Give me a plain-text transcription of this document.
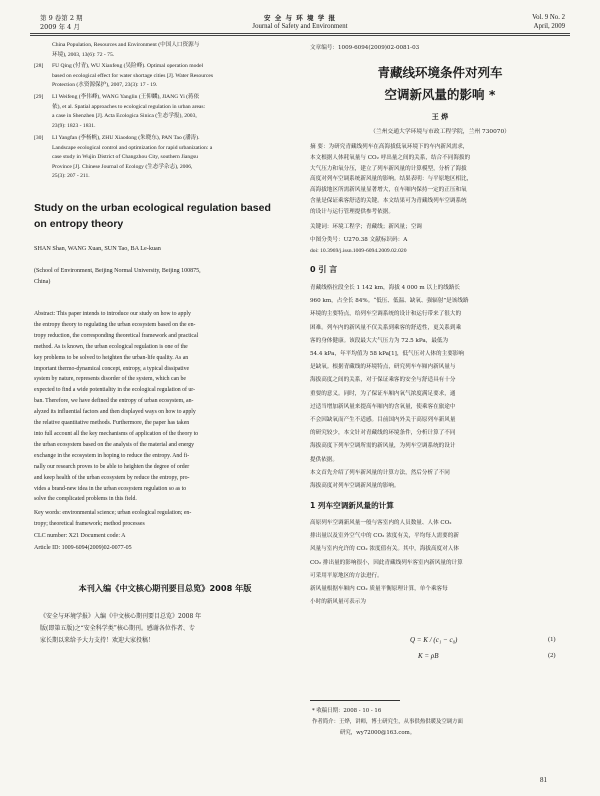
第 9 卷第 2 期
2009 年 4 月
安 全 与 环 境 学 报
Journal of Safety and Environment
Vol. 9 No. 2
April, 2009
China Population, Resources and Environment (中国人口资源与
环境), 2003, 13(6): 72 - 75.
[28] FU Qing (付青), WU Xianfeng (吴险峰). Optimal operation model
based on ecological effect for water shortage cities [J]. Water Resources
Protection (水资源保护), 2007, 23(3): 17 - 19.
[29] LI Weifeng (李伟峰), WANG Yanglin (王仰麟), JIANG Yi (蒋依
依), et al. Spatial approaches to ecological regulation in urban areas:
a case in Shenzhen [J]. Acta Ecologica Sinica (生态学报), 2003,
23(9): 1823 - 1831.
[30] LI Yangfan (李杨帆), ZHU Xiaodong (朱晓东), PAN Tao (潘涛).
Landscape ecological control and optimization for rapid urbanization: a
case study in Wujin District of Changzhou City, southern Jiangsu
Province [J]. Chinese Journal of Ecology (生态学杂志), 2006,
25(3): 207 - 211.
Study on the urban ecological regulation based
on entropy theory
SHAN Shan, WANG Xuan, SUN Tao, BA Le-kuan
(School of Environment, Beijing Normal University, Beijing 100875,
China)
Abstract: This paper intends to introduce our study on how to apply
the entropy theory to regulating the urban ecosystem based on the en-
tropy reduction, the corresponding theoretical framework and practical
method. As is known, the urban ecological regulation is one of the
key problems to be solved to heighten the urban-life quality. As an
important thermo-dynamical concept, entropy, a typical dissipative
system by nature, represents disorder of the system, which can be
expected to find a wide potentiality in the ecological regulation of ur-
ban. Therefore, we have defined the entropy of urban ecosystem, an-
alyzed its influential factors and then displayed ways on how to apply
the relative quantitative methods. Furthermore, the paper has taken
into full account all the key mechanisms of application of the theory to
the urban ecosystem based on the analysis of the material and energy
exchange in the ecosystem in hoping to reduce the entropy. And fi-
nally our research proves to be able to heighten the degree of order
and keep health of the urban ecosystem by reduce the entropy, pro-
vides a brand-new idea in the urban ecosystem regulation so as to
solve the complicated problems in this field.
Key words: environmental science; urban ecological regulation; en-
tropy; theoretical framework; method processes
CLC number: X21 Document code: A
Article ID: 1009-6094(2009)02-0077-05
本刊入编《中文核心期刊要目总览》2008 年版
《安全与环境学报》入编《中文核心期刊要目总览》2008 年
版(即第五版)之“安全科学类”核心期刊。感谢各位作者、专
家长期以来给予大力支持！欢迎大家投稿！
文章编号：1009-6094(2009)02-0081-03
青藏线环境条件对列车
空调新风量的影响 *
王 烨
（兰州交通大学环境与市政工程学院，兰州 730070）
摘 要：为研究青藏线列车在高海拔低氧环境下的车内新风需求，
本文根据人体耗氧量与 CO₂ 呼出量之间的关系，结合不同海拔的
大气压力和氧分压，建立了列车新风量的计算模型，分析了海拔
高度对列车空调系统新风量的影响。结果表明：与平原地区相比，
高海拔地区所需新风量显著增大，在车厢内保持一定的正压和氧
含量是保证乘客舒适的关键。本文结果可为青藏线列车空调系统
的设计与运行管理提供参考依据。
关键词：环境工程学；青藏线；新风量；空调
中图分类号：U270.38 文献标识码：A
doi: 10.3969/j.issn.1009-6094.2009.02.020
0 引 言
青藏线格拉段全长 1 142 km，海拔 4 000 m 以上的线路长
960 km，占全长 84%。“低压、低温、缺氧、强辐射”是该线路
环境的主要特点，给列车空调系统的设计和运行带来了很大的
困难。列车内的新风量不仅关系到乘客的舒适性，更关系到乘
客的身体健康。该段最大大气压力为 72.5 kPa，最低为
54.4 kPa，年平均值为 58 kPa[1]，低气压对人体的主要影响
是缺氧。根据青藏线的环境特点，研究列车车厢内新风量与
海拔高度之间的关系，对于保证乘客的安全与舒适具有十分
重要的意义。同时，为了保证车厢内氧气浓度满足要求，通
过适当增加新风量来提高车厢内的含氧量，使乘客在旅途中
不会因缺氧而产生不适感。目前国内外关于高原列车新风量
的研究较少，本文针对青藏线的环境条件，分析计算了不同
海拔高度下列车空调所需的新风量，为列车空调系统的设计
提供依据。
本文首先介绍了列车新风量的计算方法，然后分析了不同
海拔高度对列车空调新风量的影响。
1 列车空调新风量的计算
高原列车空调新风量一般与客室内的人员数量、人体 CO₂
排出量以及室外空气中的 CO₂ 浓度有关，平均每人需要的新
风量与室内允许的 CO₂ 浓度值有关。其中，海拔高度对人体
CO₂ 排出量的影响很小，因此青藏线列车客室内新风量的计算
可采用平原地区的方法进行。
新风量根据车厢内 CO₂ 质量平衡原理计算，单个乘客每
小时的新风量可表示为
Q = K / (c₁ − c₀)	(1)
K = ρB	(2)
* 收稿日期：2008 - 10 - 16
作者简介：王烨，讲师，博士研究生，从事供热供暖及空调方面
研究，wy72000@163.com。
81
